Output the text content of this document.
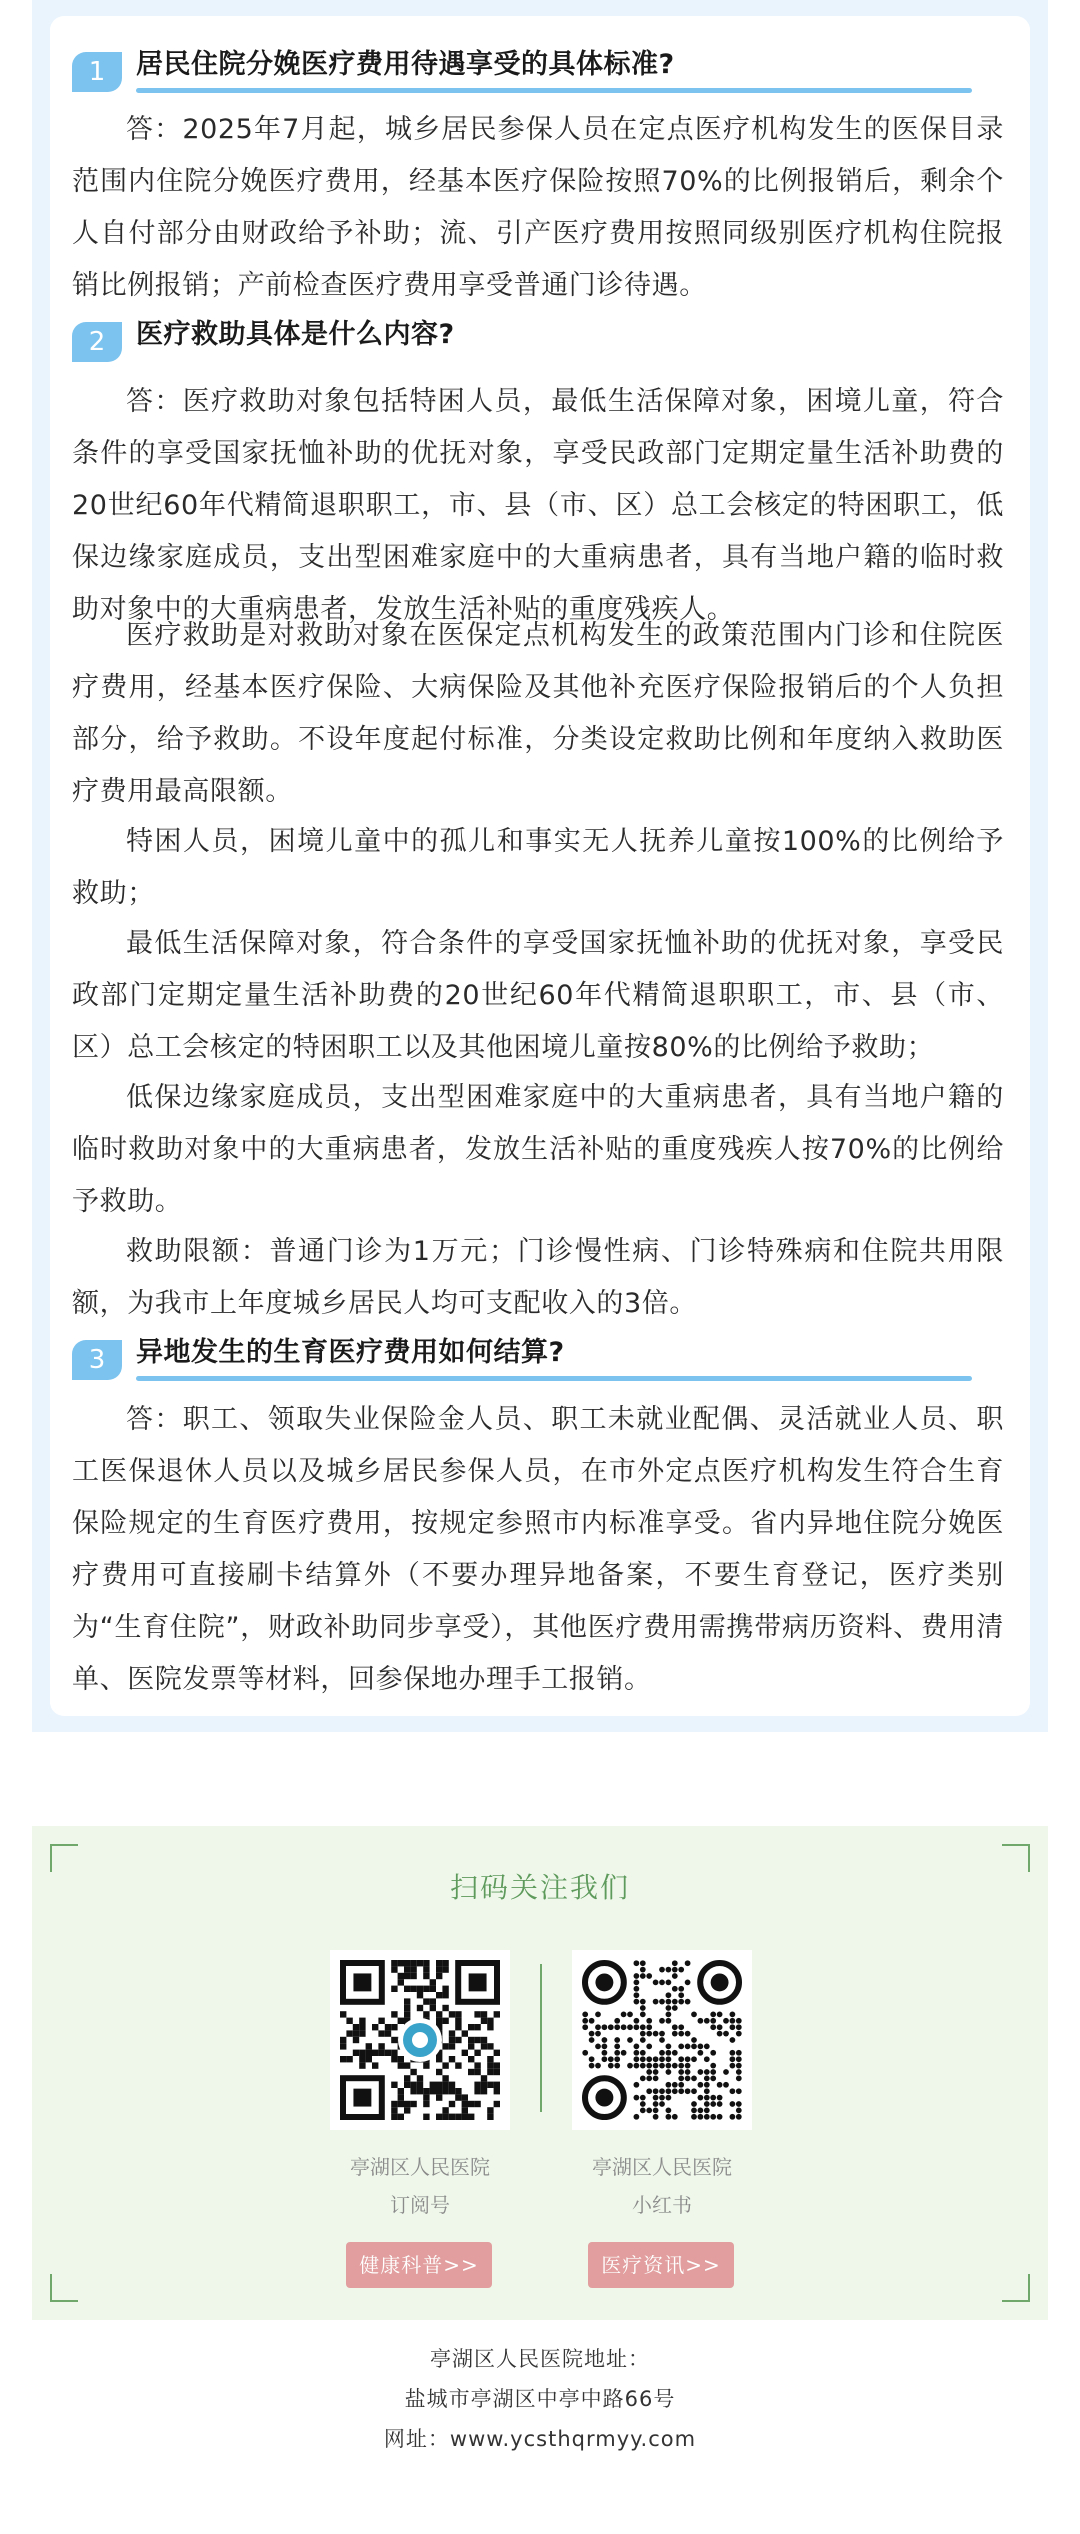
1	居民住院分娩医疗费用待遇享受的具体标准?
答：2025年7月起，城乡居民参保人员在定点医疗机构发生的医保目录范围内住院分娩医疗费用，经基本医疗保险按照70%的比例报销后，剩余个人自付部分由财政给予补助；流、引产医疗费用按照同级别医疗机构住院报销比例报销；产前检查医疗费用享受普通门诊待遇。
2	医疗救助具体是什么内容?
答：医疗救助对象包括特困人员，最低生活保障对象，困境儿童，符合条件的享受国家抚恤补助的优抚对象，享受民政部门定期定量生活补助费的20世纪60年代精简退职职工，市、县（市、区）总工会核定的特困职工，低保边缘家庭成员，支出型困难家庭中的大重病患者，具有当地户籍的临时救助对象中的大重病患者，发放生活补贴的重度残疾人。
医疗救助是对救助对象在医保定点机构发生的政策范围内门诊和住院医疗费用，经基本医疗保险、大病保险及其他补充医疗保险报销后的个人负担部分，给予救助。不设年度起付标准，分类设定救助比例和年度纳入救助医疗费用最高限额。
特困人员，困境儿童中的孤儿和事实无人抚养儿童按100%的比例给予救助；
最低生活保障对象，符合条件的享受国家抚恤补助的优抚对象，享受民政部门定期定量生活补助费的20世纪60年代精简退职职工，市、县（市、区）总工会核定的特困职工以及其他困境儿童按80%的比例给予救助；
低保边缘家庭成员，支出型困难家庭中的大重病患者，具有当地户籍的临时救助对象中的大重病患者，发放生活补贴的重度残疾人按70%的比例给予救助。
救助限额：普通门诊为1万元；门诊慢性病、门诊特殊病和住院共用限额，为我市上年度城乡居民人均可支配收入的3倍。
3	异地发生的生育医疗费用如何结算?
答：职工、领取失业保险金人员、职工未就业配偶、灵活就业人员、职工医保退休人员以及城乡居民参保人员，在市外定点医疗机构发生符合生育保险规定的生育医疗费用，按规定参照市内标准享受。省内异地住院分娩医疗费用可直接刷卡结算外（不要办理异地备案，不要生育登记，医疗类别为“生育住院”，财政补助同步享受），其他医疗费用需携带病历资料、费用清单、医院发票等材料，回参保地办理手工报销。
扫码关注我们
亭湖区人民医院
订阅号
健康科普>>
亭湖区人民医院
小红书
医疗资讯>>
亭湖区人民医院地址：
盐城市亭湖区中亭中路66号
网址：www.ycsthqrmyy.com
